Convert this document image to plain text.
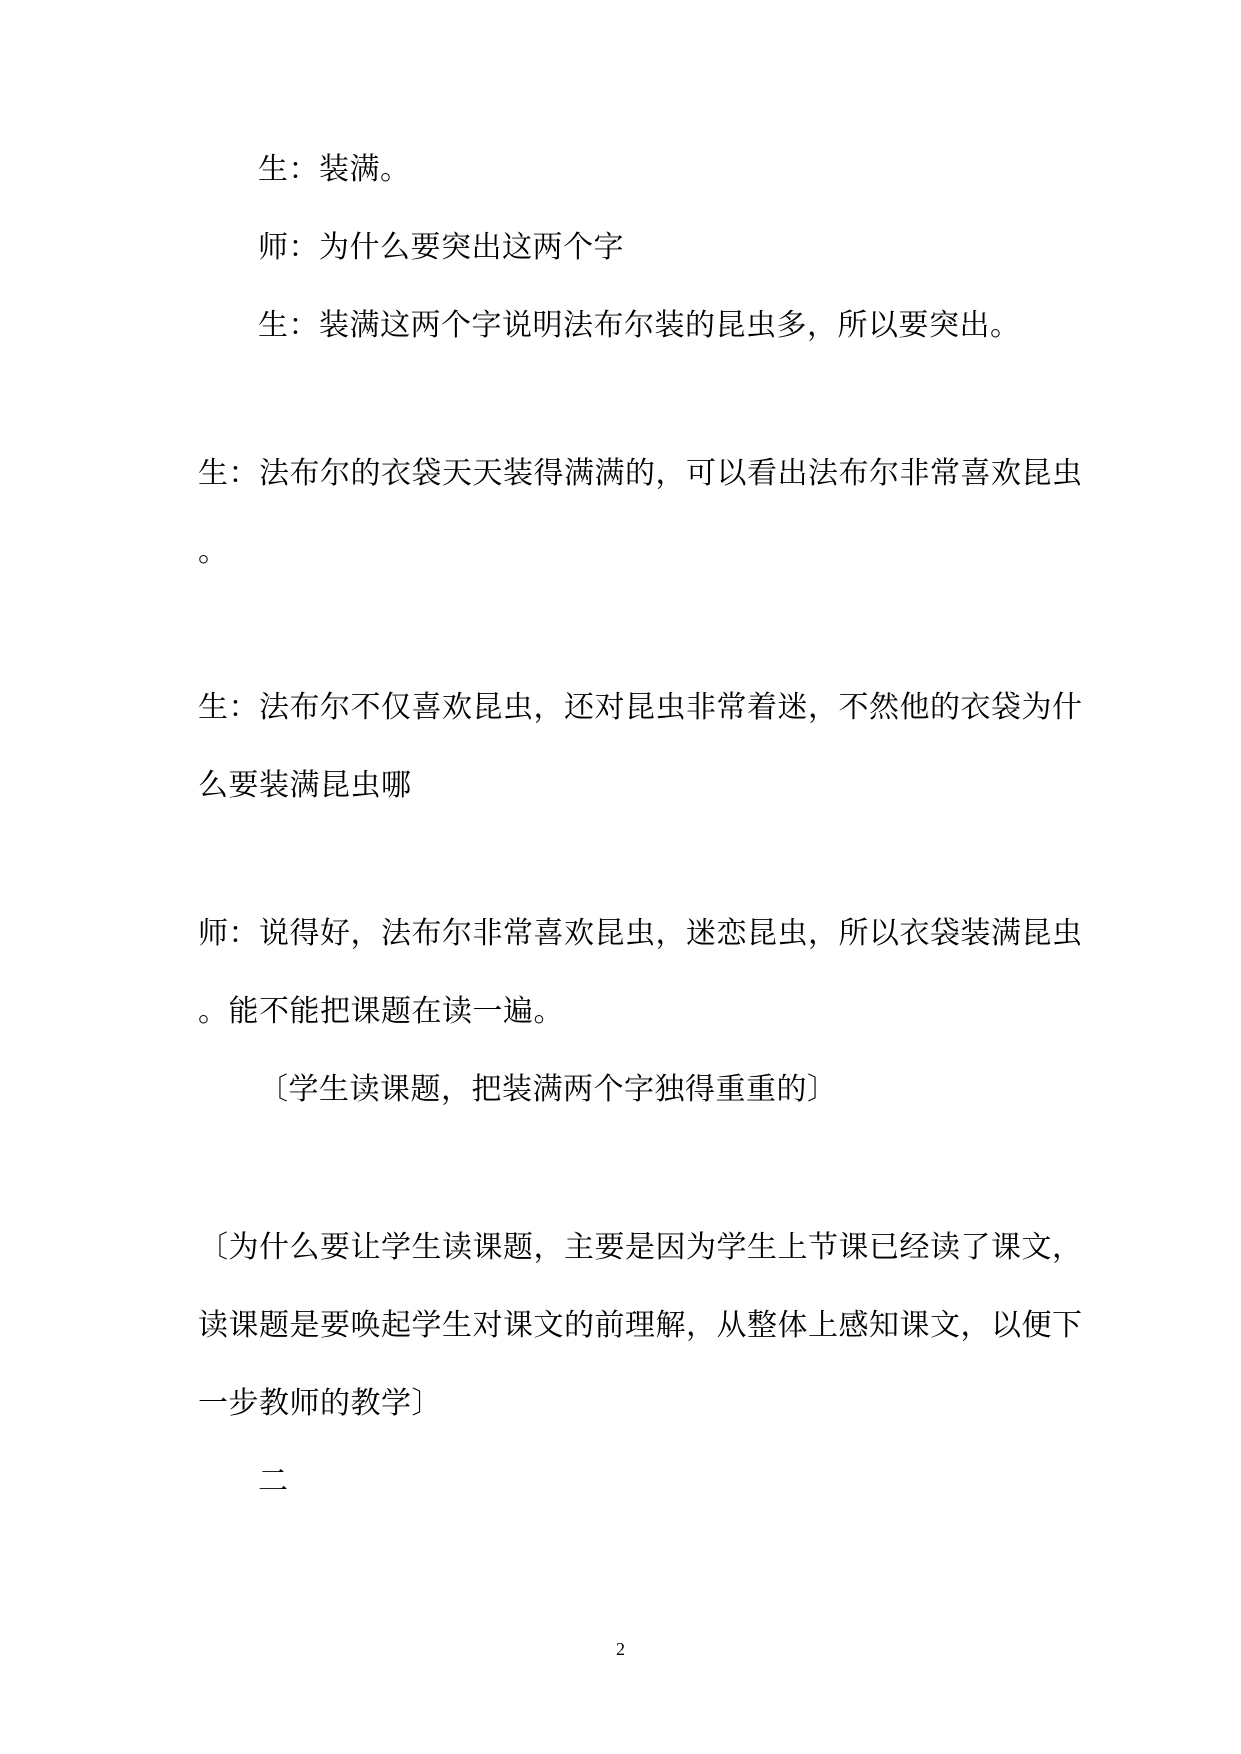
生：装满。
师：为什么要突出这两个字
生：装满这两个字说明法布尔装的昆虫多，所以要突出。
生：法布尔的衣袋天天装得满满的，可以看出法布尔非常喜欢昆虫
。
生：法布尔不仅喜欢昆虫，还对昆虫非常着迷，不然他的衣袋为什
么要装满昆虫哪
师：说得好，法布尔非常喜欢昆虫，迷恋昆虫，所以衣袋装满昆虫
。能不能把课题在读一遍。
〔学生读课题，把装满两个字独得重重的〕
〔为什么要让学生读课题，主要是因为学生上节课已经读了课文，
读课题是要唤起学生对课文的前理解，从整体上感知课文，以便下
一步教师的教学〕
二
2
